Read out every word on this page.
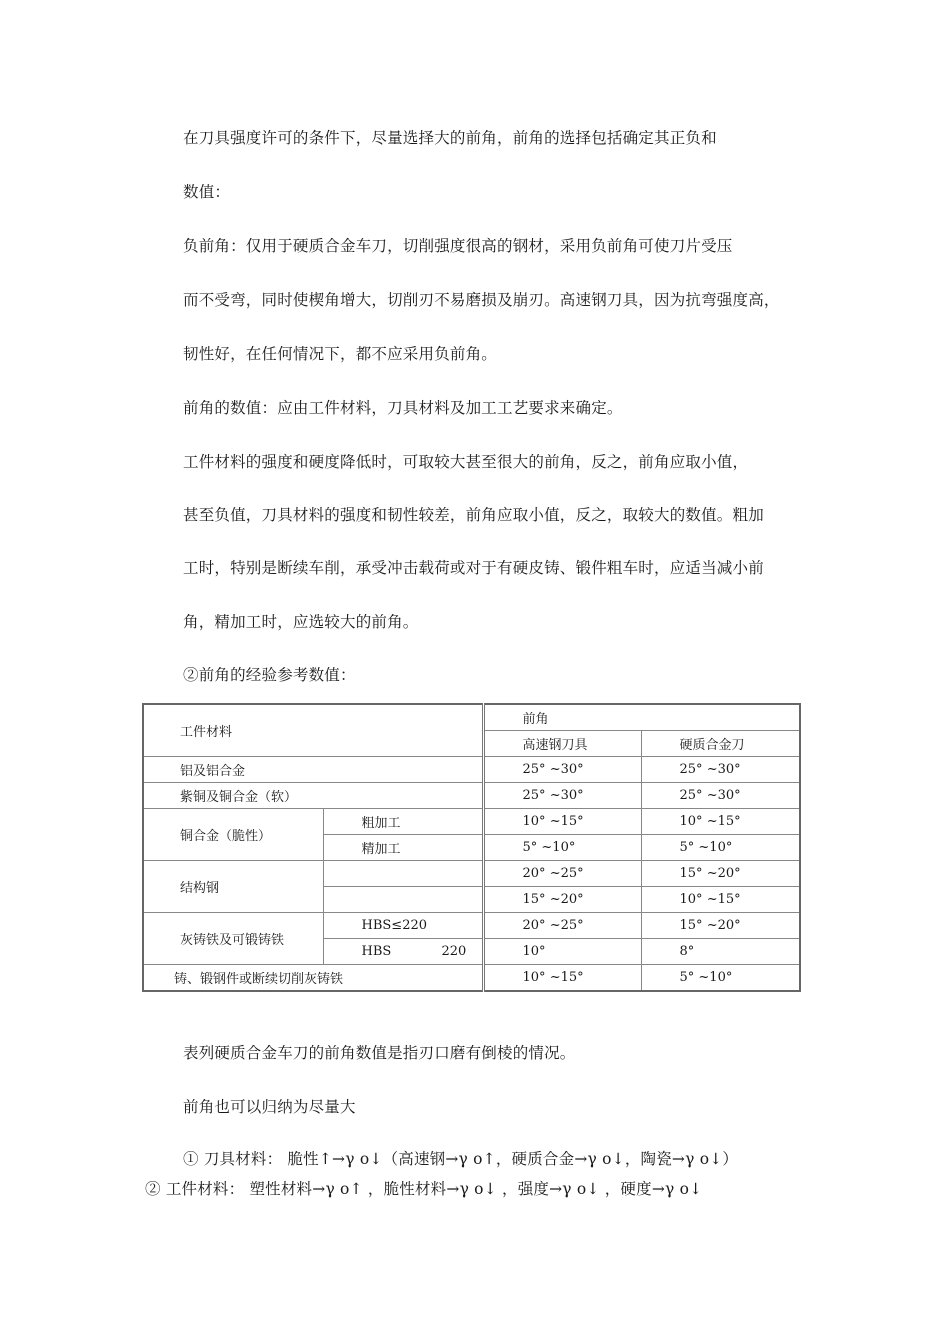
在刀具强度许可的条件下，尽量选择大的前角，前角的选择包括确定其正负和
数值：
负前角：仅用于硬质合金车刀，切削强度很高的钢材，采用负前角可使刀片受压
而不受弯，同时使楔角增大，切削刃不易磨损及崩刃。高速钢刀具，因为抗弯强度高，
韧性好，在任何情况下，都不应采用负前角。
前角的数值：应由工件材料，刀具材料及加工工艺要求来确定。
工件材料的强度和硬度降低时，可取较大甚至很大的前角，反之，前角应取小值，
甚至负值，刀具材料的强度和韧性较差，前角应取小值，反之，取较大的数值。粗加
工时，特别是断续车削，承受冲击载荷或对于有硬皮铸、锻件粗车时，应适当减小前
角，精加工时，应选较大的前角。
②前角的经验参考数值：
工件材料		前角	
		高速钢刀具	硬质合金刀
铝及铝合金		25° ~30°	25° ~30°
紫铜及铜合金（软）		25° ~30°	25° ~30°
铜合金（脆性）	粗加工	10° ~15°	10° ~15°
	精加工	5° ~10°	5° ~10°
结构钢		20° ~25°	15° ~20°
		15° ~20°	10° ~15°
灰铸铁及可锻铸铁	HBS≤220	20° ~25°	15° ~20°
	HBS 220	10°	8°
铸、锻钢件或断续切削灰铸铁		10° ~15°	5° ~10°
表列硬质合金车刀的前角数值是指刃口磨有倒棱的情况。
前角也可以归纳为尽量大
① 刀具材料： 脆性↑→γ ο↓（高速钢→γ ο↑，硬质合金→γ ο↓，陶瓷→γ ο↓）
② 工件材料： 塑性材料→γ ο↑ ，脆性材料→γ ο↓ ，强度→γ ο↓ ，硬度→γ ο↓
